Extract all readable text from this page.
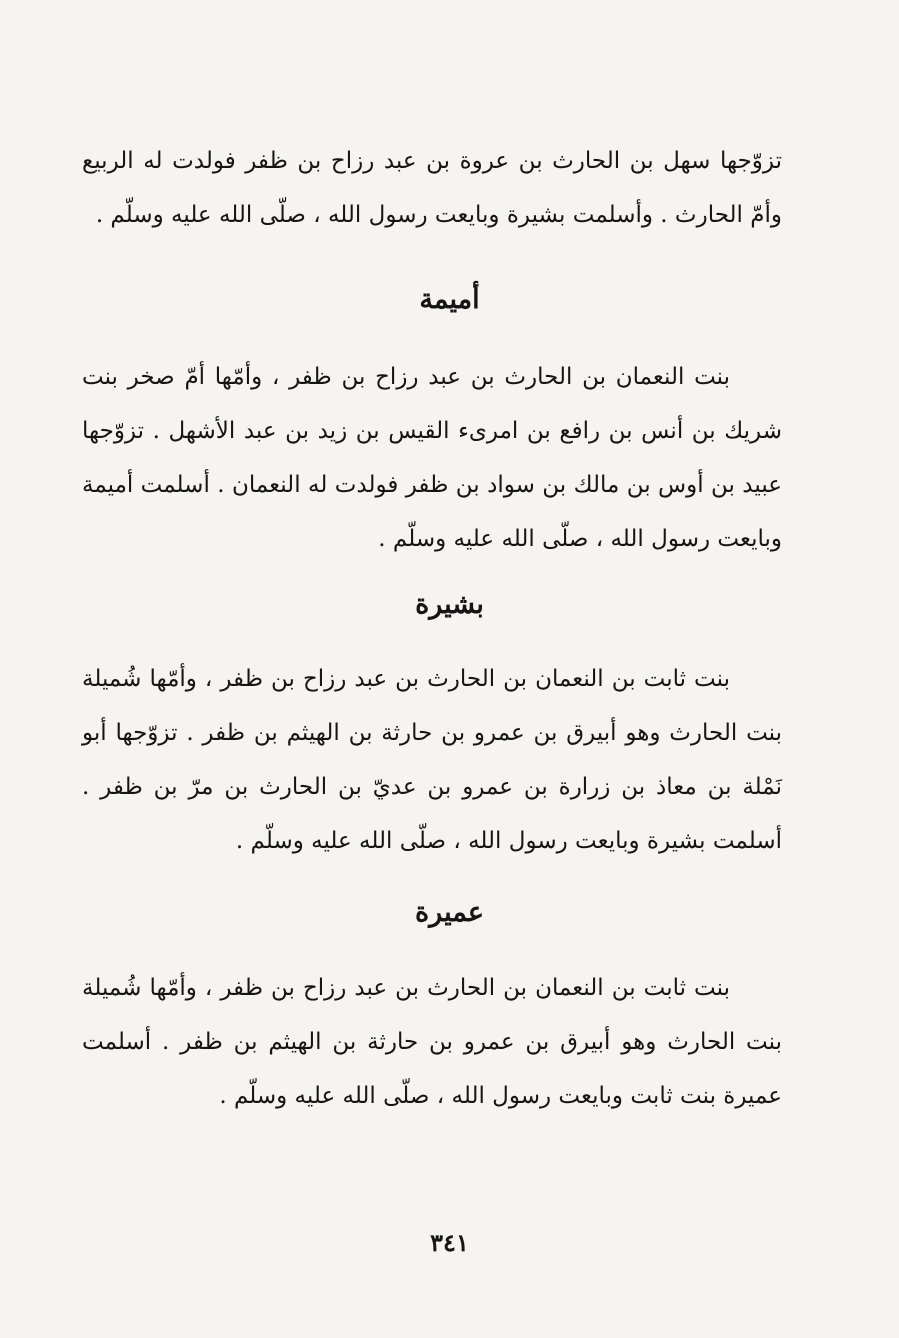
تزوّجها سهل بن الحارث بن عروة بن عبد رزاح بن ظفر فولدت له الربيع وأمّ الحارث . وأسلمت بشيرة وبايعت رسول الله ، صلّى الله عليه وسلّم .

أميمة

بنت النعمان بن الحارث بن عبد رزاح بن ظفر ، وأمّها أمّ صخر بنت شريك بن أنس بن رافع بن امرىء القيس بن زيد بن عبد الأشهل . تزوّجها عبيد بن أوس بن مالك بن سواد بن ظفر فولدت له النعمان . أسلمت أميمة وبايعت رسول الله ، صلّى الله عليه وسلّم .

بشيرة

بنت ثابت بن النعمان بن الحارث بن عبد رزاح بن ظفر ، وأمّها شُميلة بنت الحارث وهو أبيرق بن عمرو بن حارثة بن الهيثم بن ظفر . تزوّجها أبو نَمْلة بن معاذ بن زرارة بن عمرو بن عديّ بن الحارث بن مرّ بن ظفر . أسلمت بشيرة وبايعت رسول الله ، صلّى الله عليه وسلّم .

عميرة

بنت ثابت بن النعمان بن الحارث بن عبد رزاح بن ظفر ، وأمّها شُميلة بنت الحارث وهو أبيرق بن عمرو بن حارثة بن الهيثم بن ظفر . أسلمت عميرة بنت ثابت وبايعت رسول الله ، صلّى الله عليه وسلّم .

٣٤١
